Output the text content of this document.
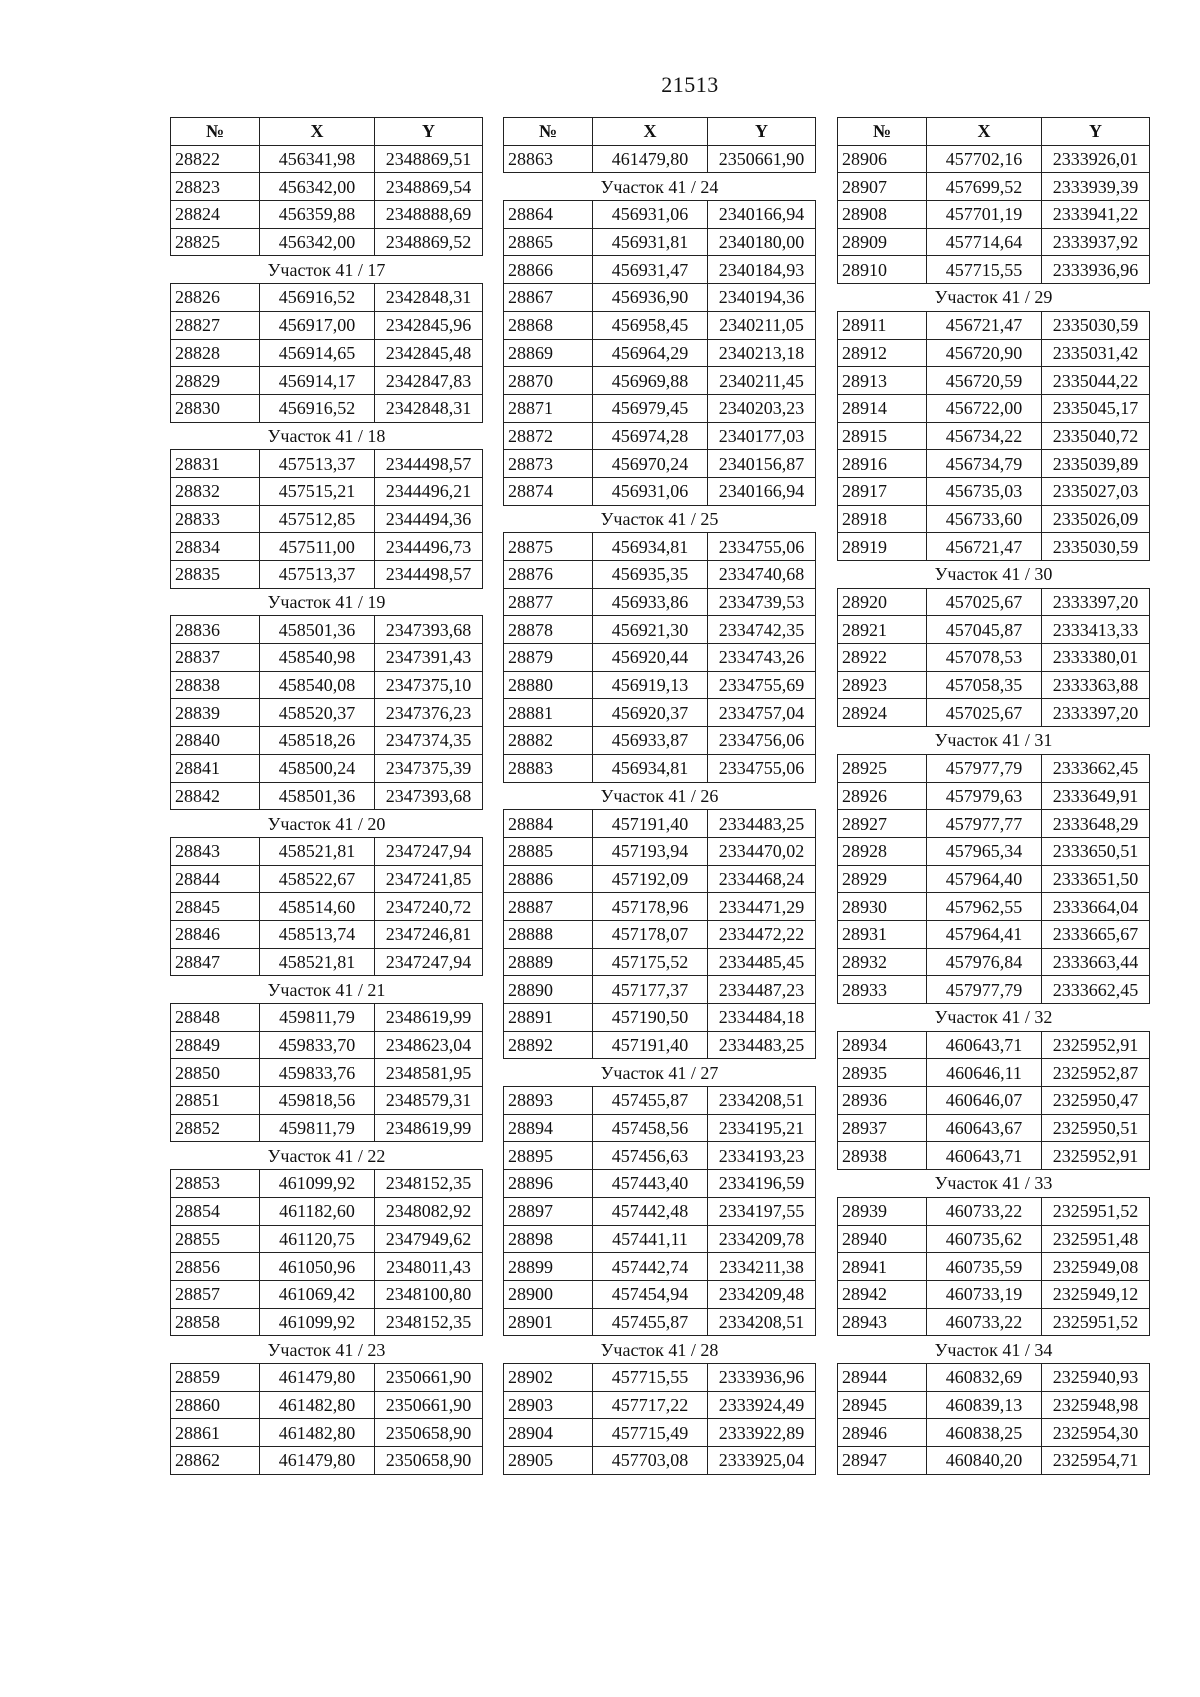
21513
№	X	Y
28822	456341,98	2348869,51
28823	456342,00	2348869,54
28824	456359,88	2348888,69
28825	456342,00	2348869,52
Участок 41 / 17		
28826	456916,52	2342848,31
28827	456917,00	2342845,96
28828	456914,65	2342845,48
28829	456914,17	2342847,83
28830	456916,52	2342848,31
Участок 41 / 18		
28831	457513,37	2344498,57
28832	457515,21	2344496,21
28833	457512,85	2344494,36
28834	457511,00	2344496,73
28835	457513,37	2344498,57
Участок 41 / 19		
28836	458501,36	2347393,68
28837	458540,98	2347391,43
28838	458540,08	2347375,10
28839	458520,37	2347376,23
28840	458518,26	2347374,35
28841	458500,24	2347375,39
28842	458501,36	2347393,68
Участок 41 / 20		
28843	458521,81	2347247,94
28844	458522,67	2347241,85
28845	458514,60	2347240,72
28846	458513,74	2347246,81
28847	458521,81	2347247,94
Участок 41 / 21		
28848	459811,79	2348619,99
28849	459833,70	2348623,04
28850	459833,76	2348581,95
28851	459818,56	2348579,31
28852	459811,79	2348619,99
Участок 41 / 22		
28853	461099,92	2348152,35
28854	461182,60	2348082,92
28855	461120,75	2347949,62
28856	461050,96	2348011,43
28857	461069,42	2348100,80
28858	461099,92	2348152,35
Участок 41 / 23		
28859	461479,80	2350661,90
28860	461482,80	2350661,90
28861	461482,80	2350658,90
28862	461479,80	2350658,90
№	X	Y
28863	461479,80	2350661,90
Участок 41 / 24		
28864	456931,06	2340166,94
28865	456931,81	2340180,00
28866	456931,47	2340184,93
28867	456936,90	2340194,36
28868	456958,45	2340211,05
28869	456964,29	2340213,18
28870	456969,88	2340211,45
28871	456979,45	2340203,23
28872	456974,28	2340177,03
28873	456970,24	2340156,87
28874	456931,06	2340166,94
Участок 41 / 25		
28875	456934,81	2334755,06
28876	456935,35	2334740,68
28877	456933,86	2334739,53
28878	456921,30	2334742,35
28879	456920,44	2334743,26
28880	456919,13	2334755,69
28881	456920,37	2334757,04
28882	456933,87	2334756,06
28883	456934,81	2334755,06
Участок 41 / 26		
28884	457191,40	2334483,25
28885	457193,94	2334470,02
28886	457192,09	2334468,24
28887	457178,96	2334471,29
28888	457178,07	2334472,22
28889	457175,52	2334485,45
28890	457177,37	2334487,23
28891	457190,50	2334484,18
28892	457191,40	2334483,25
Участок 41 / 27		
28893	457455,87	2334208,51
28894	457458,56	2334195,21
28895	457456,63	2334193,23
28896	457443,40	2334196,59
28897	457442,48	2334197,55
28898	457441,11	2334209,78
28899	457442,74	2334211,38
28900	457454,94	2334209,48
28901	457455,87	2334208,51
Участок 41 / 28		
28902	457715,55	2333936,96
28903	457717,22	2333924,49
28904	457715,49	2333922,89
28905	457703,08	2333925,04
№	X	Y
28906	457702,16	2333926,01
28907	457699,52	2333939,39
28908	457701,19	2333941,22
28909	457714,64	2333937,92
28910	457715,55	2333936,96
Участок 41 / 29		
28911	456721,47	2335030,59
28912	456720,90	2335031,42
28913	456720,59	2335044,22
28914	456722,00	2335045,17
28915	456734,22	2335040,72
28916	456734,79	2335039,89
28917	456735,03	2335027,03
28918	456733,60	2335026,09
28919	456721,47	2335030,59
Участок 41 / 30		
28920	457025,67	2333397,20
28921	457045,87	2333413,33
28922	457078,53	2333380,01
28923	457058,35	2333363,88
28924	457025,67	2333397,20
Участок 41 / 31		
28925	457977,79	2333662,45
28926	457979,63	2333649,91
28927	457977,77	2333648,29
28928	457965,34	2333650,51
28929	457964,40	2333651,50
28930	457962,55	2333664,04
28931	457964,41	2333665,67
28932	457976,84	2333663,44
28933	457977,79	2333662,45
Участок 41 / 32		
28934	460643,71	2325952,91
28935	460646,11	2325952,87
28936	460646,07	2325950,47
28937	460643,67	2325950,51
28938	460643,71	2325952,91
Участок 41 / 33		
28939	460733,22	2325951,52
28940	460735,62	2325951,48
28941	460735,59	2325949,08
28942	460733,19	2325949,12
28943	460733,22	2325951,52
Участок 41 / 34		
28944	460832,69	2325940,93
28945	460839,13	2325948,98
28946	460838,25	2325954,30
28947	460840,20	2325954,71
